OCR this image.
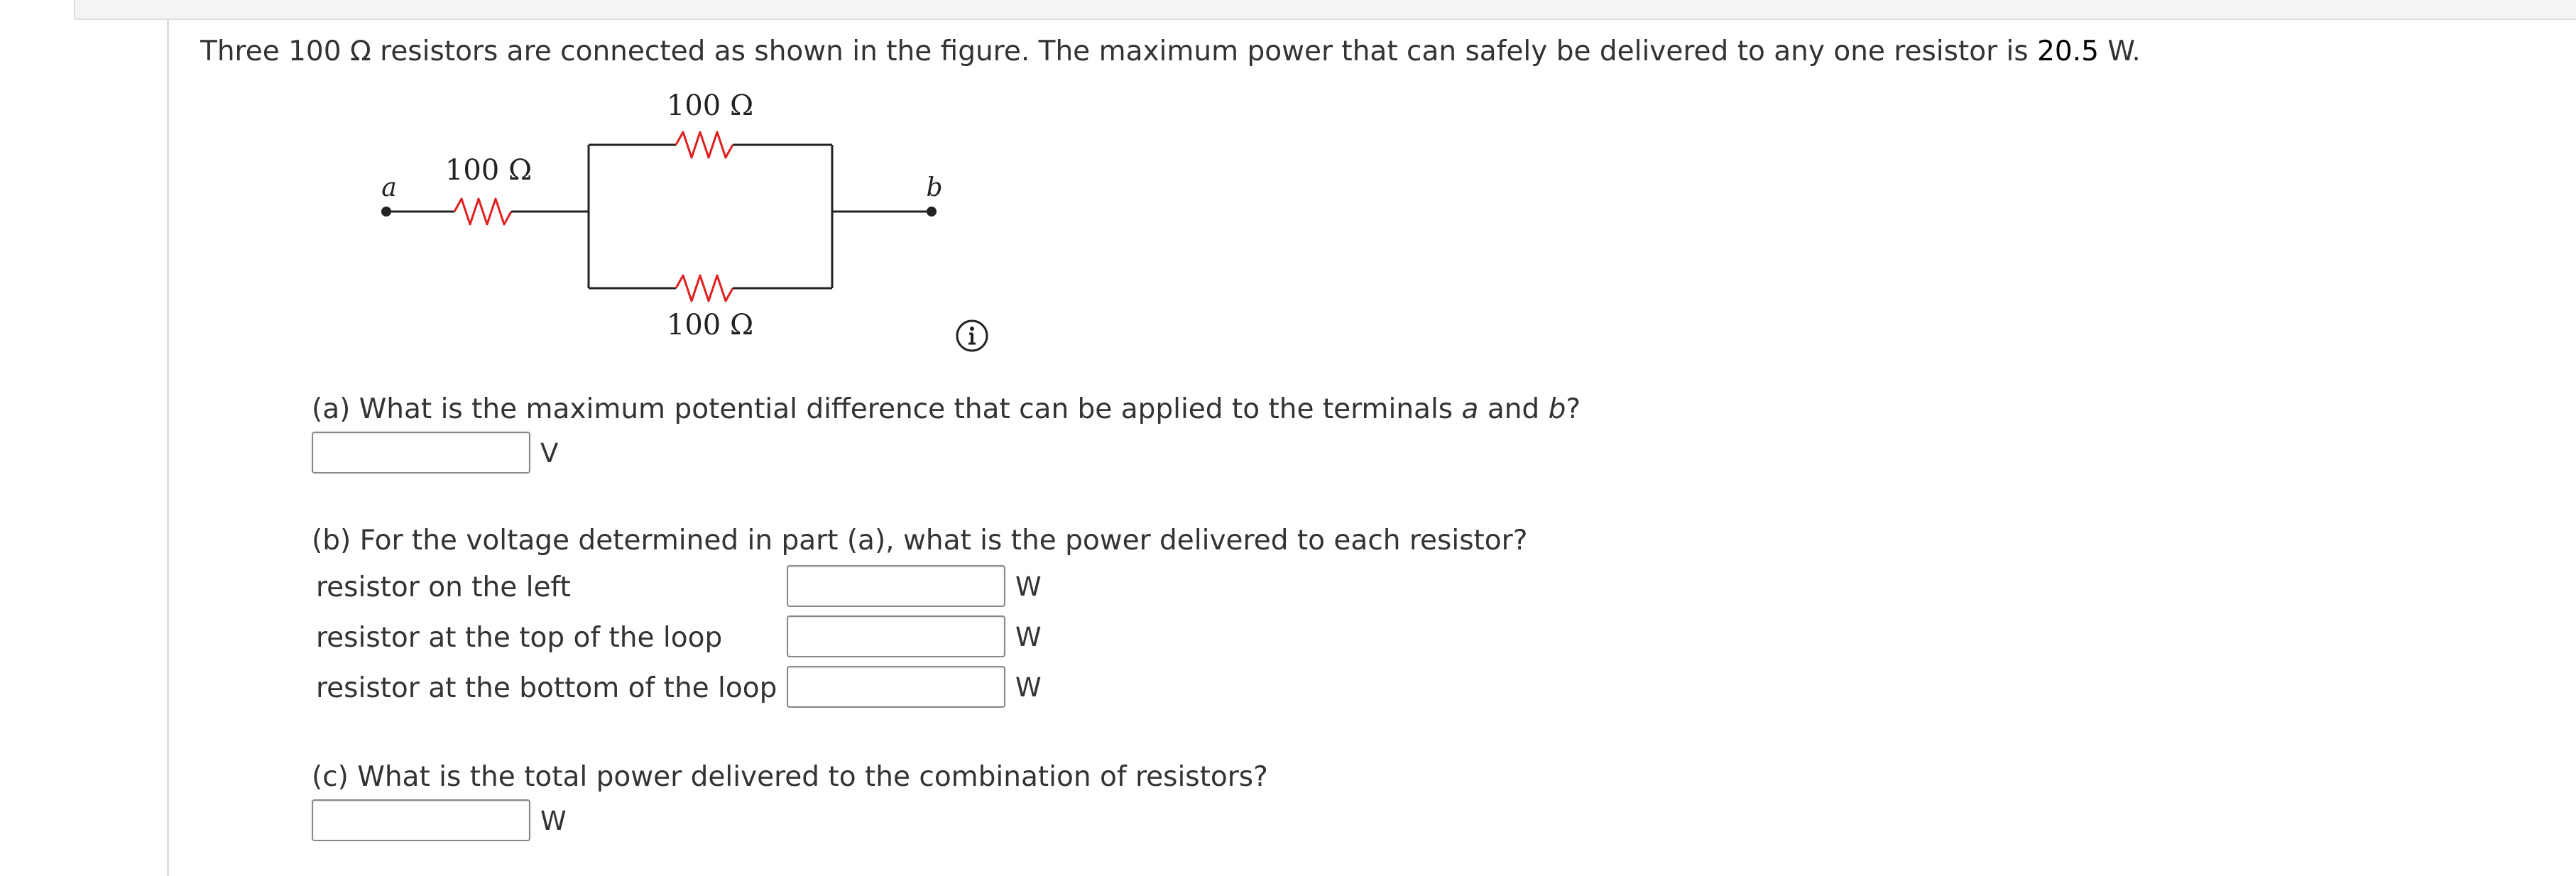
Three 100 Ω resistors are connected as shown in the figure. The maximum power that can safely be delivered to any one resistor is 20.5 W.
100 Ω
100 Ω
100 Ω
a	b
(a) What is the maximum potential difference that can be applied to the terminals a and b?
V
(b) For the voltage determined in part (a), what is the power delivered to each resistor?
resistor on the left	W
resistor at the top of the loop	W
resistor at the bottom of the loop	W
(c) What is the total power delivered to the combination of resistors?
W
